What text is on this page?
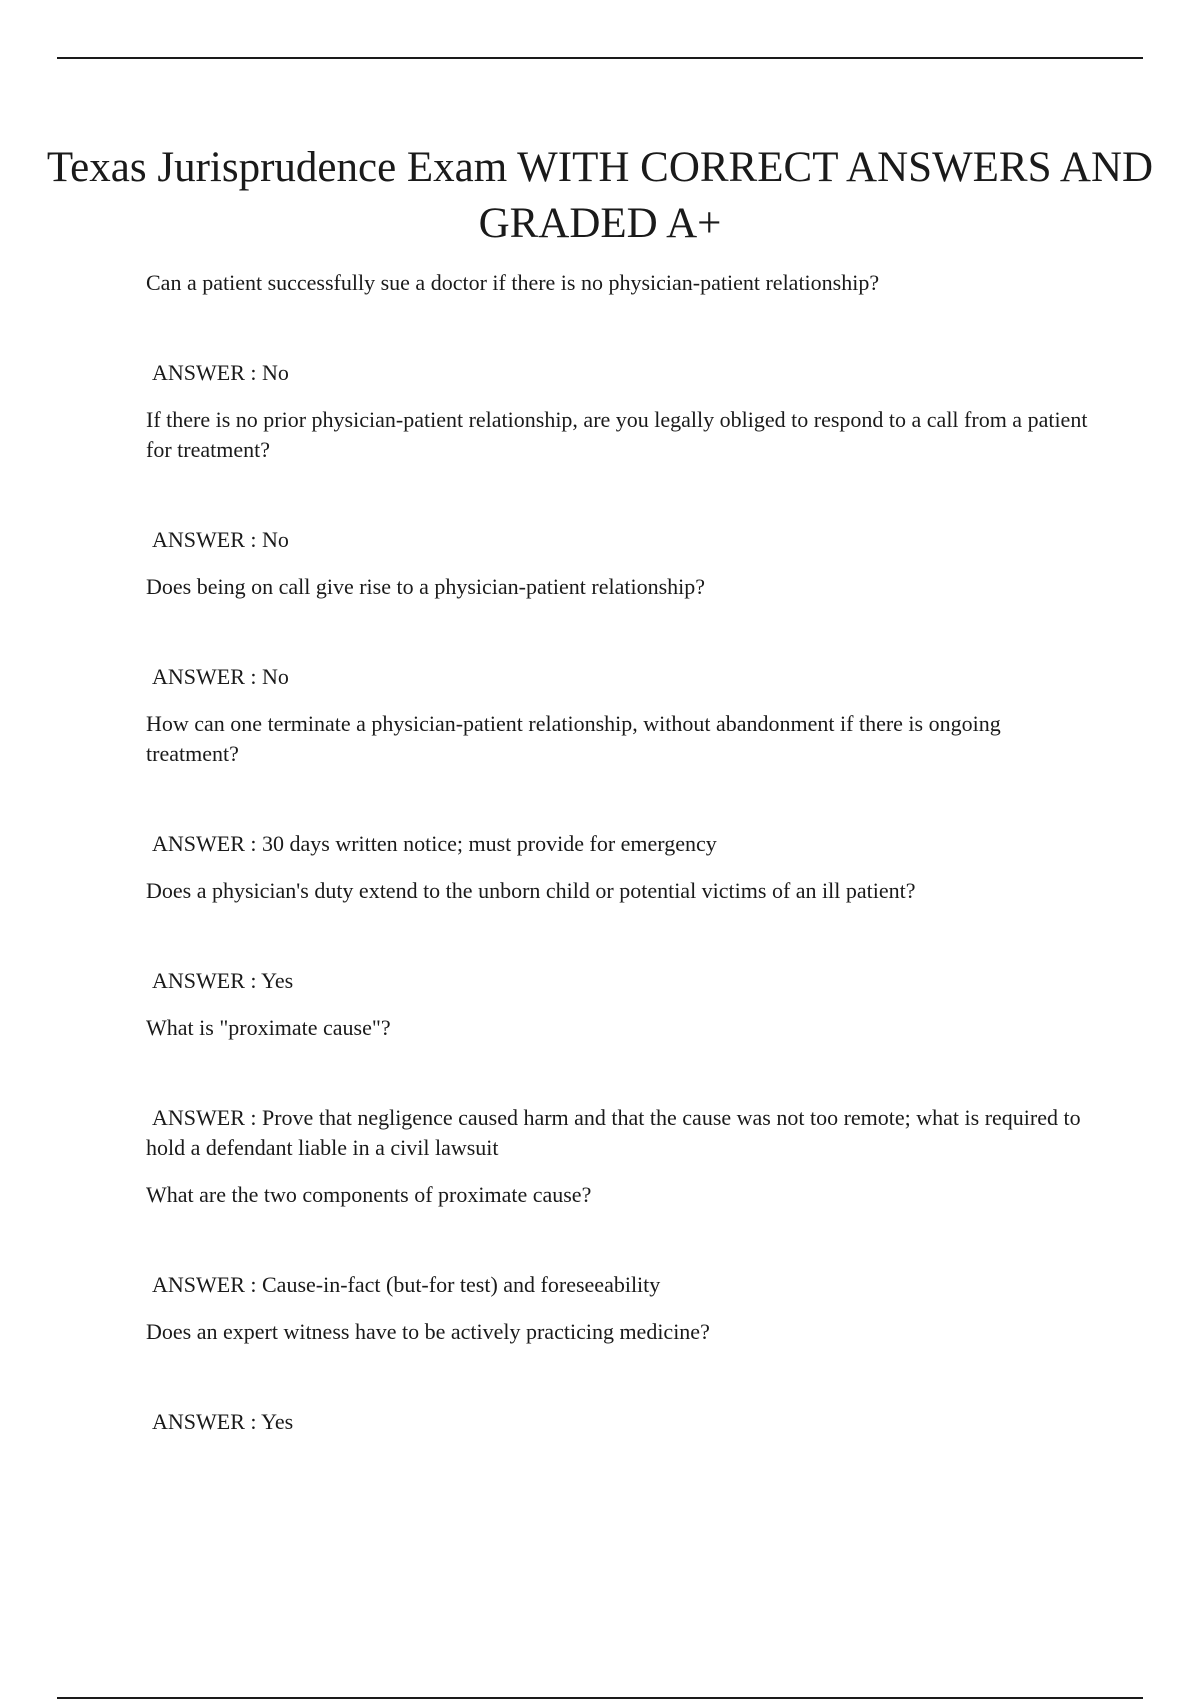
Texas Jurisprudence Exam WITH CORRECT ANSWERS AND GRADED A+

Can a patient successfully sue a doctor if there is no physician-patient relationship?

ANSWER : No

If there is no prior physician-patient relationship, are you legally obliged to respond to a call from a patient for treatment?

ANSWER : No

Does being on call give rise to a physician-patient relationship?

ANSWER : No

How can one terminate a physician-patient relationship, without abandonment if there is ongoing treatment?

ANSWER : 30 days written notice; must provide for emergency

Does a physician's duty extend to the unborn child or potential victims of an ill patient?

ANSWER : Yes

What is "proximate cause"?

ANSWER : Prove that negligence caused harm and that the cause was not too remote; what is required to hold a defendant liable in a civil lawsuit

What are the two components of proximate cause?

ANSWER : Cause-in-fact (but-for test) and foreseeability

Does an expert witness have to be actively practicing medicine?

ANSWER : Yes
